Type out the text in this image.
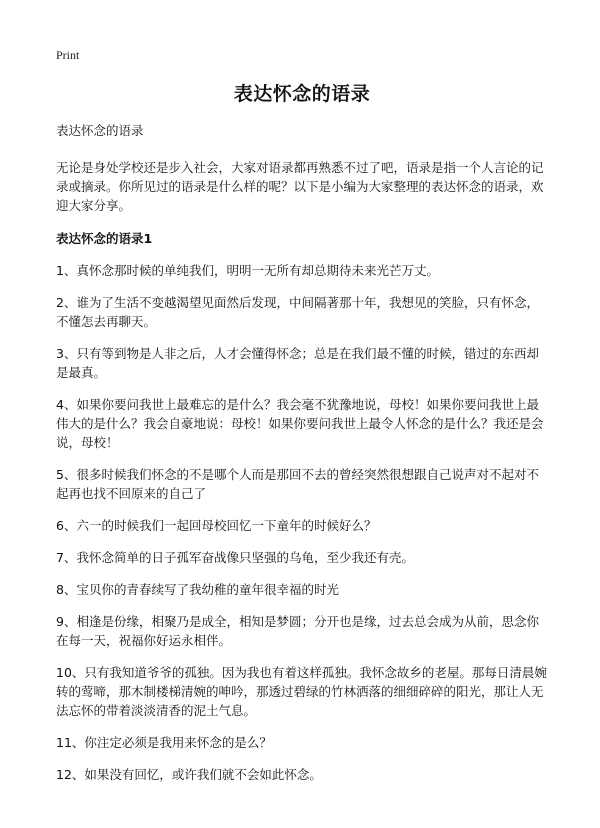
Print
表达怀念的语录
表达怀念的语录

无论是身处学校还是步入社会，大家对语录都再熟悉不过了吧，语录是指一个人言论的记录或摘录。你所见过的语录是什么样的呢？以下是小编为大家整理的表达怀念的语录，欢迎大家分享。

表达怀念的语录1

1、真怀念那时候的单纯我们，明明一无所有却总期待未来光芒万丈。

2、谁为了生活不变越渴望见面然后发现，中间隔著那十年，我想见的笑脸，只有怀念，不懂怎去再聊天。

3、只有等到物是人非之后，人才会懂得怀念；总是在我们最不懂的时候，错过的东西却是最真。

4、如果你要问我世上最难忘的是什么？我会毫不犹豫地说，母校！如果你要问我世上最伟大的是什么？我会自豪地说：母校！如果你要问我世上最令人怀念的是什么？我还是会说，母校！

5、很多时候我们怀念的不是哪个人而是那回不去的曾经突然很想跟自己说声对不起对不起再也找不回原来的自己了

6、六一的时候我们一起回母校回忆一下童年的时候好么？

7、我怀念简单的日子孤军奋战像只坚强的乌龟，至少我还有壳。

8、宝贝你的青春续写了我幼稚的童年很幸福的时光

9、相逢是份缘，相聚乃是成全，相知是梦圆；分开也是缘，过去总会成为从前，思念你在每一天，祝福你好运永相伴。

10、只有我知道爷爷的孤独。因为我也有着这样孤独。我怀念故乡的老屋。那每日清晨婉转的莺啼，那木制楼梯清婉的呻吟，那透过碧绿的竹林洒落的细细碎碎的阳光，那让人无法忘怀的带着淡淡清香的泥土气息。

11、你注定必须是我用来怀念的是么？

12、如果没有回忆，或许我们就不会如此怀念。
